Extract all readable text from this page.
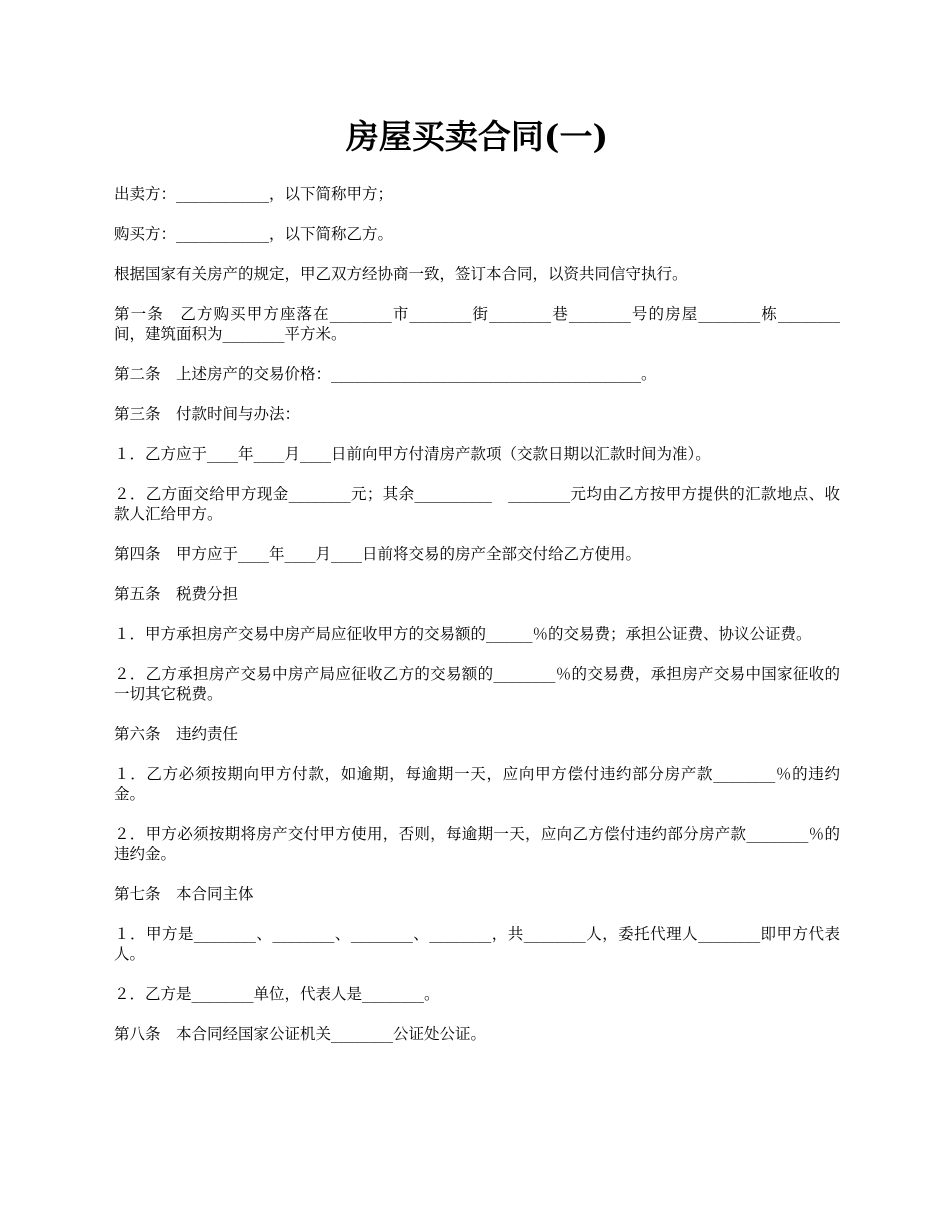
房屋买卖合同(一)

出卖方：____________，以下简称甲方；

购买方：____________，以下简称乙方。

根据国家有关房产的规定，甲乙双方经协商一致，签订本合同，以资共同信守执行。

第一条　乙方购买甲方座落在________市________街________巷________号的房屋________栋________间，建筑面积为________平方米。

第二条　上述房产的交易价格：________________________________________。

第三条　付款时间与办法：

１．乙方应于____年____月____日前向甲方付清房产款项（交款日期以汇款时间为准）。

２．乙方面交给甲方现金________元；其余__________　________元均由乙方按甲方提供的汇款地点、收款人汇给甲方。

第四条　甲方应于____年____月____日前将交易的房产全部交付给乙方使用。

第五条　税费分担

１．甲方承担房产交易中房产局应征收甲方的交易额的______％的交易费；承担公证费、协议公证费。

２．乙方承担房产交易中房产局应征收乙方的交易额的________％的交易费，承担房产交易中国家征收的一切其它税费。

第六条　违约责任

１．乙方必须按期向甲方付款，如逾期，每逾期一天，应向甲方偿付违约部分房产款________％的违约金。

２．甲方必须按期将房产交付甲方使用，否则，每逾期一天，应向乙方偿付违约部分房产款________％的违约金。

第七条　本合同主体

１．甲方是________、________、________、________，共________人，委托代理人________即甲方代表人。

２．乙方是________单位，代表人是________。

第八条　本合同经国家公证机关________公证处公证。
